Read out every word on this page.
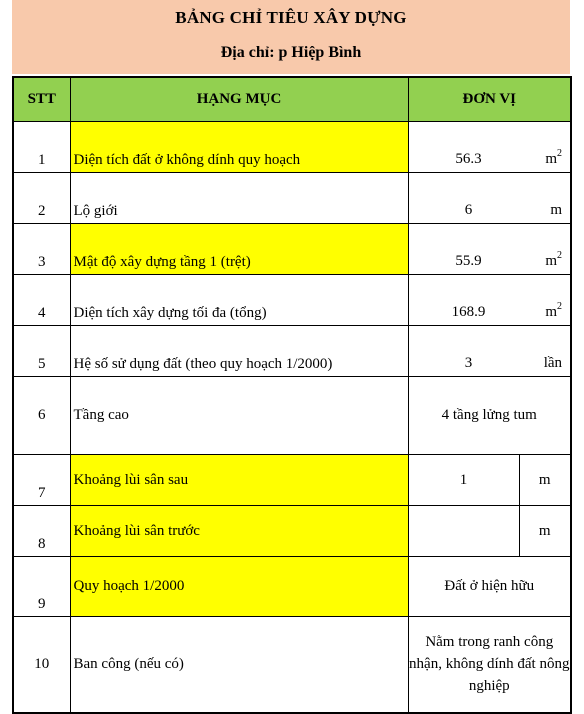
BẢNG CHỈ TIÊU XÂY DỰNG
Địa chỉ: p Hiệp Bình
STT	HẠNG MỤC	ĐƠN VỊ	
1	Diện tích đất ở không dính quy hoạch	56.3 $m^2$

2	Lộ giới	6 m	

3	Mật độ xây dựng tầng 1 (trệt)	55.9 $m^2$

4	Diện tích xây dựng tối đa (tổng)	168.9 $m^2$

5	Hệ số sử dụng đất (theo quy hoạch 1/2000)	3 lần	

6	Tầng cao	4 tầng lửng tum	
7	Khoảng lùi sân sau	1	m
8	Khoảng lùi sân trước		m
9	Quy hoạch 1/2000	Đất ở hiện hữu	
10	Ban công (nếu có)	Nằm trong ranh công nhận, không dính đất nông nghiệp	
